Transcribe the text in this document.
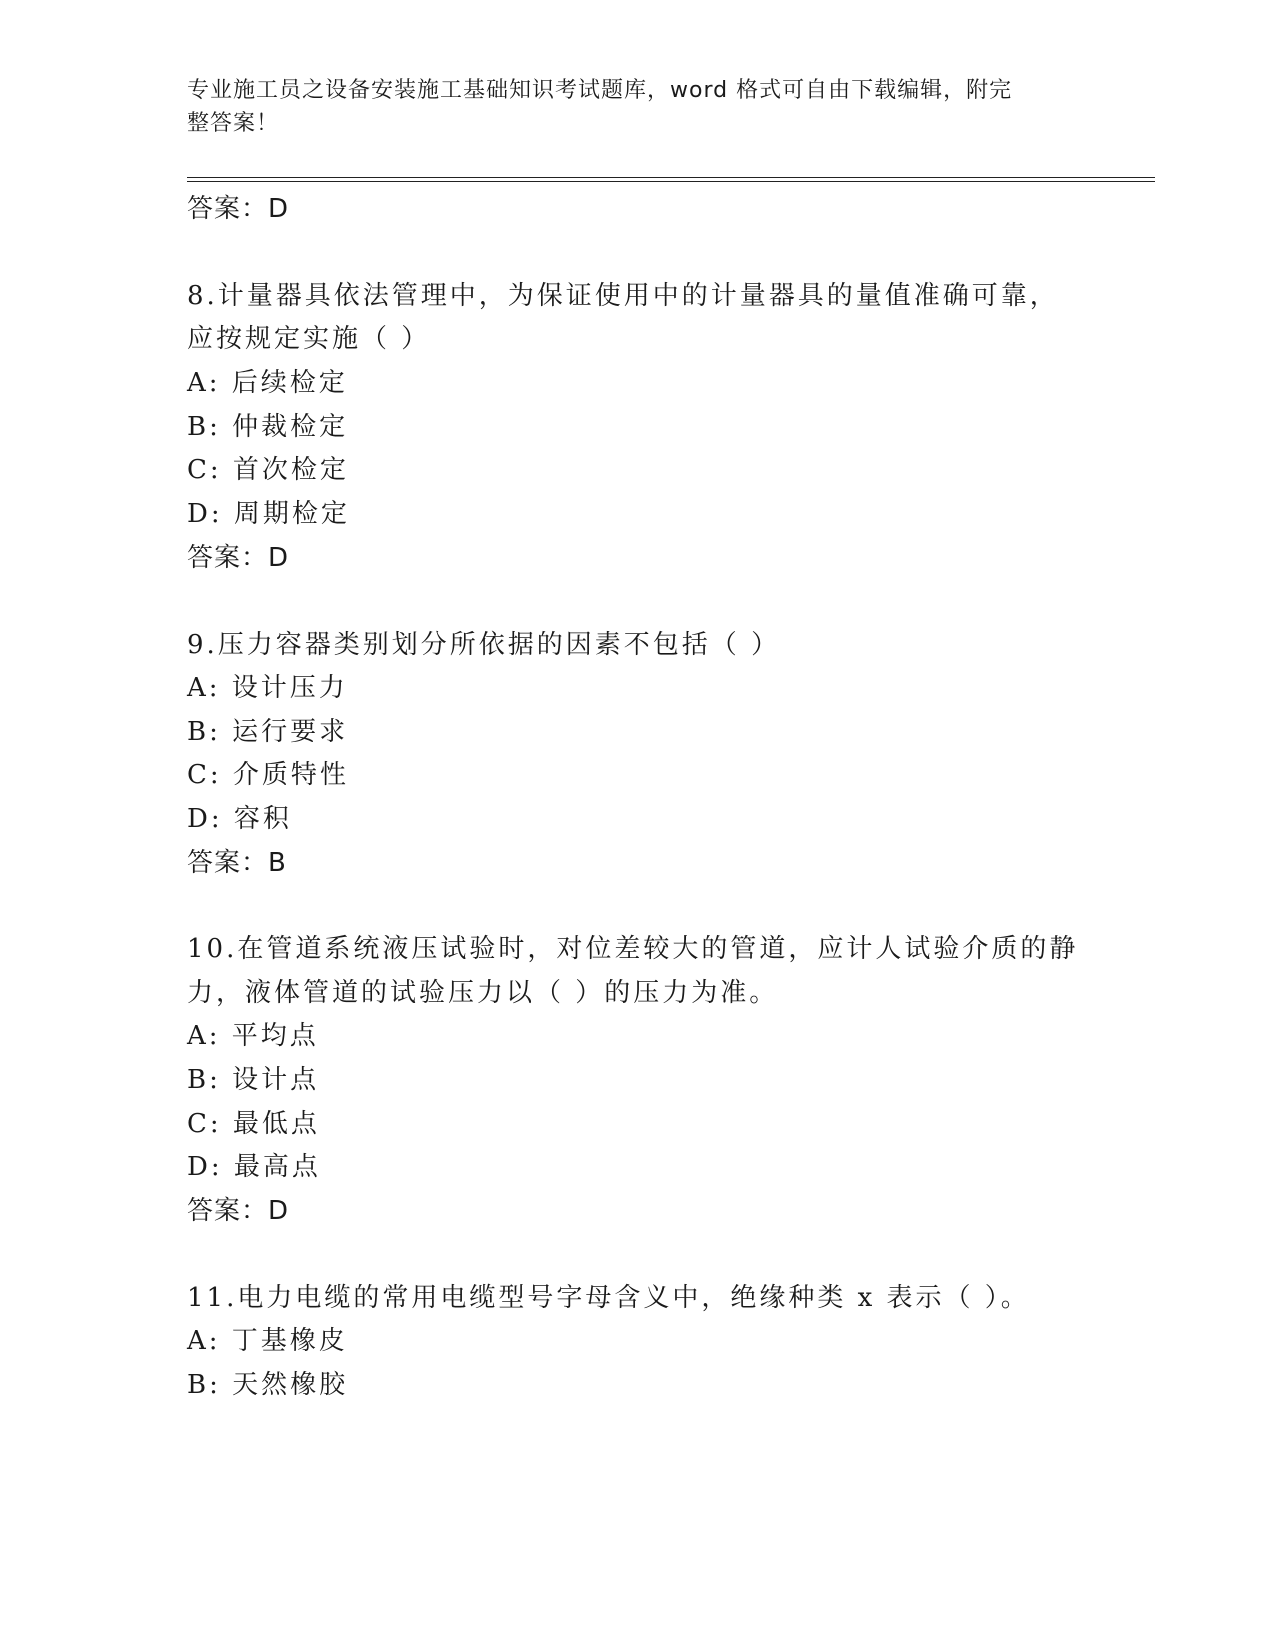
专业施工员之设备安装施工基础知识考试题库，word 格式可自由下载编辑，附完
整答案！
答案：D
8.计量器具依法管理中，为保证使用中的计量器具的量值准确可靠，
应按规定实施（ ）
A: 后续检定
B: 仲裁检定
C: 首次检定
D: 周期检定
答案：D
9.压力容器类别划分所依据的因素不包括（ ）
A: 设计压力
B: 运行要求
C: 介质特性
D: 容积
答案：B
10.在管道系统液压试验时，对位差较大的管道，应计人试验介质的静
力，液体管道的试验压力以（ ）的压力为准。
A: 平均点
B: 设计点
C: 最低点
D: 最高点
答案：D
11.电力电缆的常用电缆型号字母含义中，绝缘种类 x 表示（ ）。
A: 丁基橡皮
B: 天然橡胶
